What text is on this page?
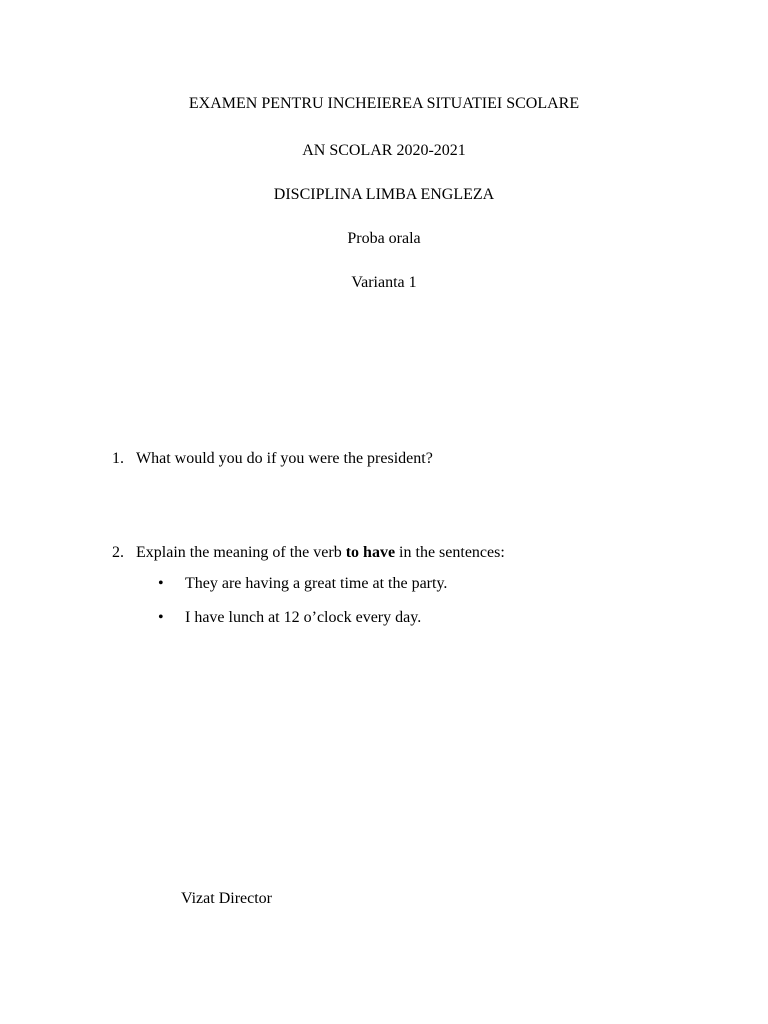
EXAMEN PENTRU INCHEIEREA SITUATIEI SCOLARE
AN SCOLAR 2020-2021
DISCIPLINA LIMBA ENGLEZA
Proba orala
Varianta 1
1. What would you do if you were the president?
2. Explain the meaning of the verb to have in the sentences:
• They are having a great time at the party.
• I have lunch at 12 o’clock every day.
Vizat Director
